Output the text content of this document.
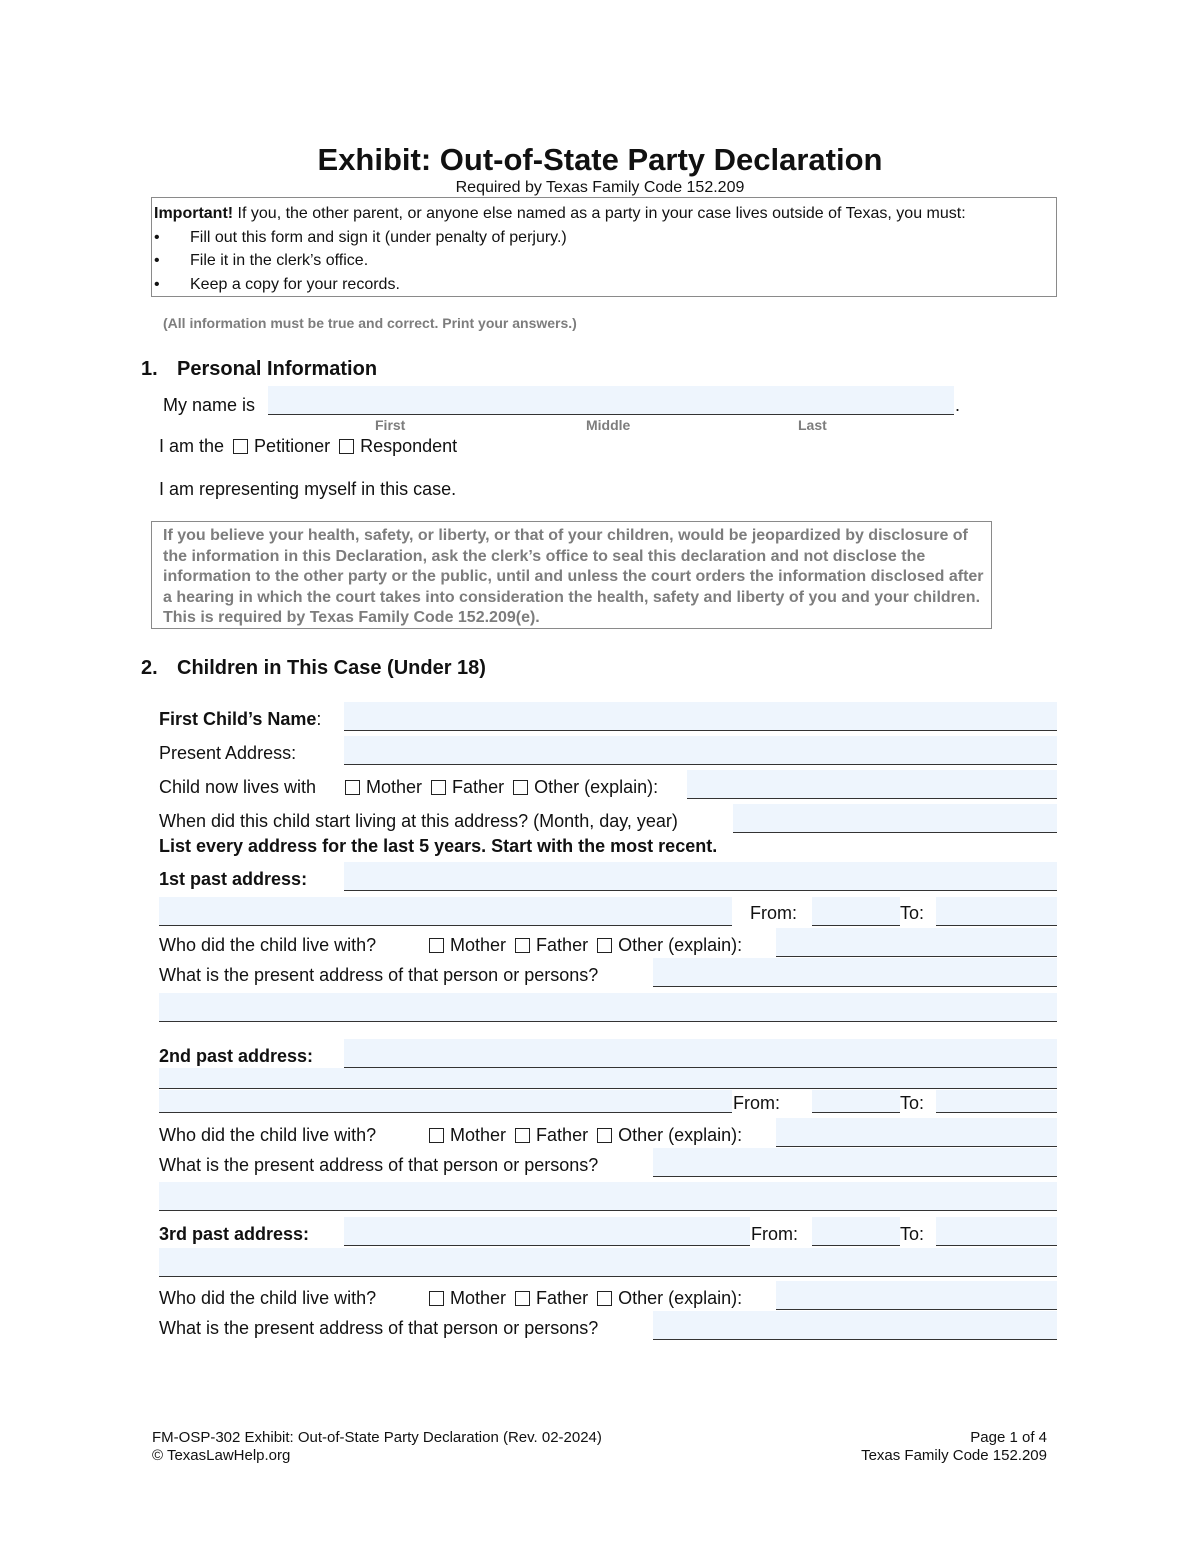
Exhibit: Out-of-State Party Declaration
Required by Texas Family Code 152.209
Important! If you, the other parent, or anyone else named as a party in your case lives outside of Texas, you must:
• Fill out this form and sign it (under penalty of perjury.)
• File it in the clerk’s office.
• Keep a copy for your records.
(All information must be true and correct. Print your answers.)
1. Personal Information
My name is	.
First	Middle	Last
I am the Petitioner Respondent
I am representing myself in this case.
If you believe your health, safety, or liberty, or that of your children, would be jeopardized by disclosure of the information in this Declaration, ask the clerk’s office to seal this declaration and not disclose the information to the other party or the public, until and unless the court orders the information disclosed after a hearing in which the court takes into consideration the health, safety and liberty of you and your children. This is required by Texas Family Code 152.209(e).
2. Children in This Case (Under 18)
First Child’s Name:
Present Address:
Child now lives with	Mother Father Other (explain):
When did this child start living at this address? (Month, day, year)
List every address for the last 5 years. Start with the most recent.
1st past address:
From:	To:
Who did the child live with?	Mother Father Other (explain):
What is the present address of that person or persons?
2nd past address:
From:	To:
Who did the child live with?	Mother Father Other (explain):
What is the present address of that person or persons?
3rd past address:	From:	To:
Who did the child live with?	Mother Father Other (explain):
What is the present address of that person or persons?
FM-OSP-302 Exhibit: Out-of-State Party Declaration (Rev. 02-2024)
© TexasLawHelp.org
Page 1 of 4
Texas Family Code 152.209
